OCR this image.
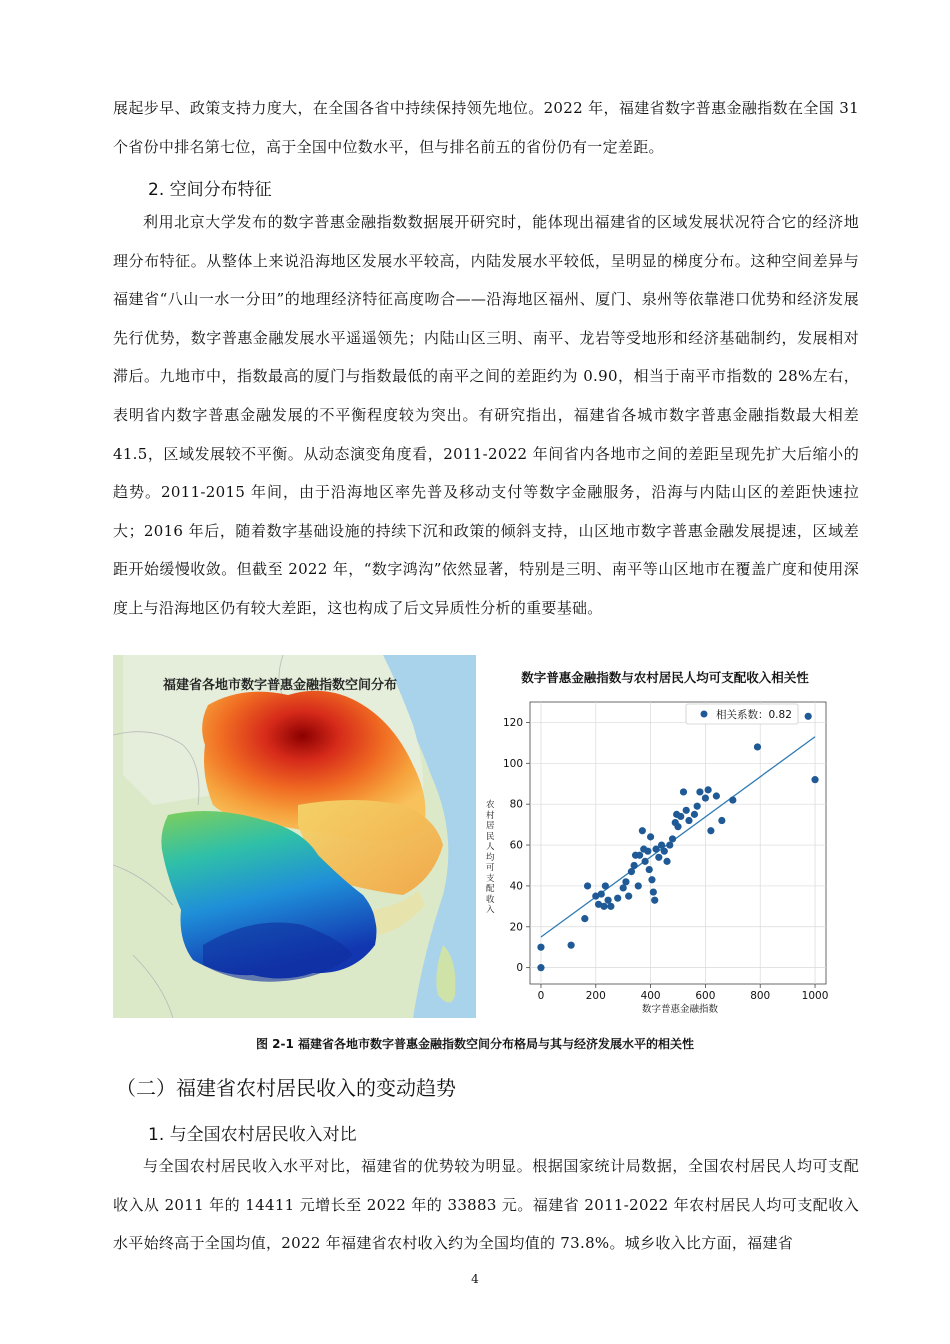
展起步早、政策支持力度大，在全国各省中持续保持领先地位。2022 年，福建省数字普惠金融指数在全国 31 个省份中排名第七位，高于全国中位数水平，但与排名前五的省份仍有一定差距。

2. 空间分布特征

利用北京大学发布的数字普惠金融指数数据展开研究时，能体现出福建省的区域发展状况符合它的经济地理分布特征。从整体上来说沿海地区发展水平较高，内陆发展水平较低，呈明显的梯度分布。这种空间差异与福建省“八山一水一分田”的地理经济特征高度吻合——沿海地区福州、厦门、泉州等依靠港口优势和经济发展先行优势，数字普惠金融发展水平遥遥领先；内陆山区三明、南平、龙岩等受地形和经济基础制约，发展相对滞后。九地市中，指数最高的厦门与指数最低的南平之间的差距约为 0.90，相当于南平市指数的 28%左右，表明省内数字普惠金融发展的不平衡程度较为突出。有研究指出，福建省各城市数字普惠金融指数最大相差 41.5，区域发展较不平衡。从动态演变角度看，2011-2022 年间省内各地市之间的差距呈现先扩大后缩小的趋势。2011-2015 年间，由于沿海地区率先普及移动支付等数字金融服务，沿海与内陆山区的差距快速拉大；2016 年后，随着数字基础设施的持续下沉和政策的倾斜支持，山区地市数字普惠金融发展提速，区域差距开始缓慢收敛。但截至 2022 年，“数字鸿沟”依然显著，特别是三明、南平等山区地市在覆盖广度和使用深度上与沿海地区仍有较大差距，这也构成了后文异质性分析的重要基础。

福建省各地市数字普惠金融指数空间分布
数字普惠金融指数与农村居民人均可支配收入相关性
农村居民人均可支配收入
0	200	400	600	800	1000
0
20
40
60
80
100
120
相关系数：0.82
数字普惠金融指数
图 2-1 福建省各地市数字普惠金融指数空间分布格局与其与经济发展水平的相关性
（二）福建省农村居民收入的变动趋势
1. 与全国农村居民收入对比

与全国农村居民收入水平对比，福建省的优势较为明显。根据国家统计局数据，全国农村居民人均可支配收入从 2011 年的 14411 元增长至 2022 年的 33883 元。福建省 2011-2022 年农村居民人均可支配收入水平始终高于全国均值，2022 年福建省农村收入约为全国均值的 73.8%。城乡收入比方面，福建省

4
